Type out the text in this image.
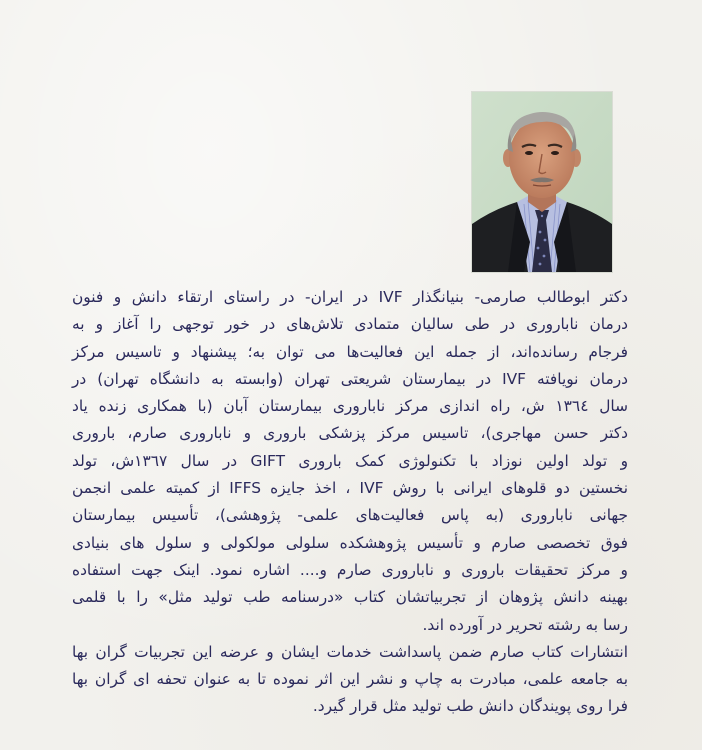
دکتر ابوطالب صارمی- بنیانگذار IVF در ایران- در راستای ارتقاء دانش و فنون
درمان ناباروری در طی سالیان متمادی تلاش‌های در خور توجهی را آغاز و به
فرجام رسانده‌اند، از جمله این فعالیت‌ها می توان به؛ پیشنهاد و تاسیس مرکز
درمان نویافته IVF در بیمارستان شریعتی تهران (وابسته به دانشگاه تهران) در
سال ١٣٦٤ ش، راه اندازی مرکز ناباروری بیمارستان آبان (با همکاری زنده یاد
دکتر حسن مهاجری)، تاسیس مرکز پزشکی باروری و ناباروری صارم، باروری
و تولد اولین نوزاد با تکنولوژی کمک باروری GIFT در سال ١٣٦٧ش، تولد
نخستین دو قلوهای ایرانی با روش IVF ، اخذ جایزه IFFS از کمیته علمی انجمن
جهانی ناباروری (به پاس فعالیت‌های علمی- پژوهشی)، تأسیس بیمارستان
فوق تخصصی صارم و تأسیس پژوهشکده سلولی مولکولی و سلول های بنیادی
و مرکز تحقیقات باروری و ناباروری صارم و.... اشاره نمود. اینک جهت استفاده
بهینه دانش پژوهان از تجربیاتشان کتاب «درسنامه طب تولید مثل» را با قلمی
رسا به رشته تحریر در آورده اند.

انتشارات کتاب صارم ضمن پاسداشت خدمات ایشان و عرضه این تجربیات گران بها
به جامعه علمی، مبادرت به چاپ و نشر این اثر نموده تا به عنوان تحفه ای گران بها
فرا روی پویندگان دانش طب تولید مثل قرار گیرد.
